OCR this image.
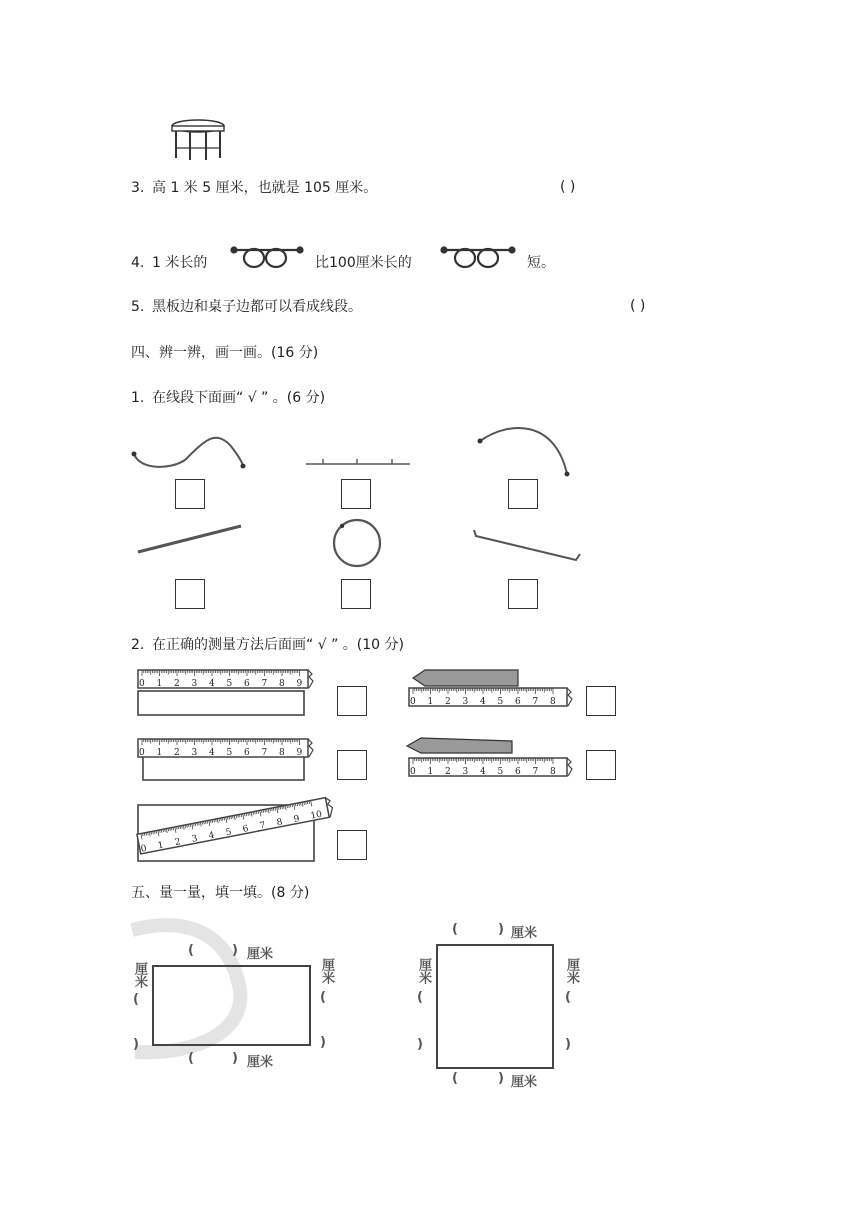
3. 高 1 米 5 厘米，也就是 105 厘米。	( )
4. 1 米长的	比100厘米长的	短。
5. 黑板边和桌子边都可以看成线段。	( )
四、辨一辨，画一画。(16 分)
1. 在线段下面画“ √ ” 。(6 分)
2. 在正确的测量方法后面画“ √ ” 。(10 分)
0 1 2 3 4 5 6 7 8 9
0 1 2 3 4 5 6 7 8
0 1 2 3 4 5 6 7 8 9
0 1 2 3 4 5 6 7 8
0 1 2 3 4 5 6 7 8 9 10
五、量一量，填一填。(8 分)
(	) 厘米
(	) 厘米
厘米
(
)
厘米
(
)
(	) 厘米
(	) 厘米
厘米
(
)
厘米
(
)
